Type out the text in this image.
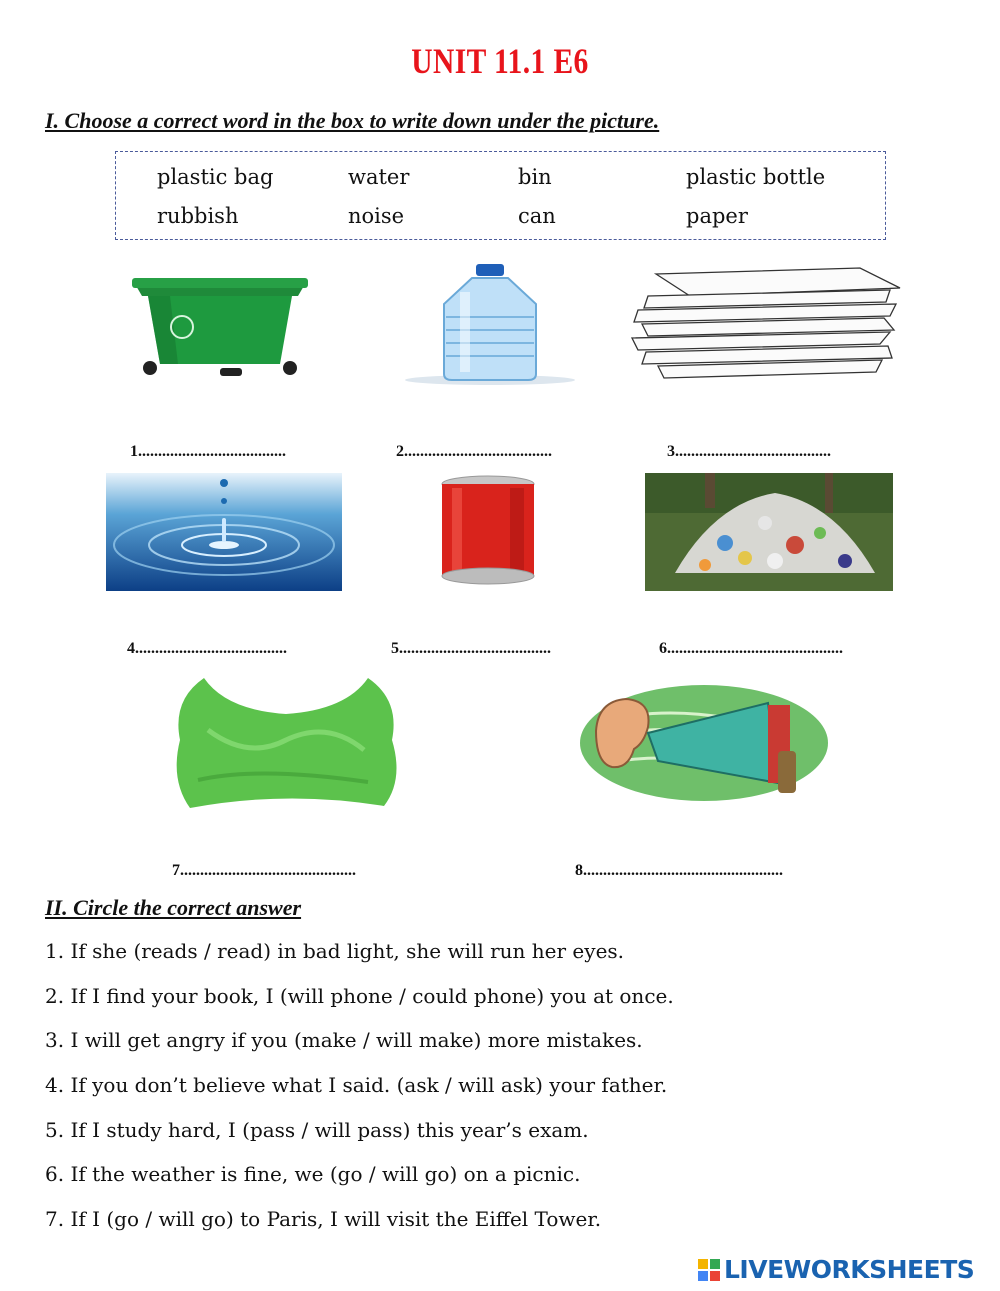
UNIT 11.1 E6
I. Choose a correct word in the box to write down under the picture.
plastic bag	water	bin	plastic bottle
rubbish	noise	can	paper
1.....................................	2.....................................	3.......................................
4......................................	5......................................	6............................................
7............................................	8..................................................
II. Circle the correct answer
1. If she (reads / read) in bad light, she will run her eyes.
2. If I find your book, I (will phone / could phone) you at once.
3. I will get angry if you (make / will make) more mistakes.
4. If you don’t believe what I said. (ask / will ask) your father.
5. If I study hard, I (pass / will pass) this year’s exam.
6. If the weather is fine, we (go / will go) on a picnic.
7. If I (go / will go) to Paris, I will visit the Eiffel Tower.
LIVEWORKSHEETS
